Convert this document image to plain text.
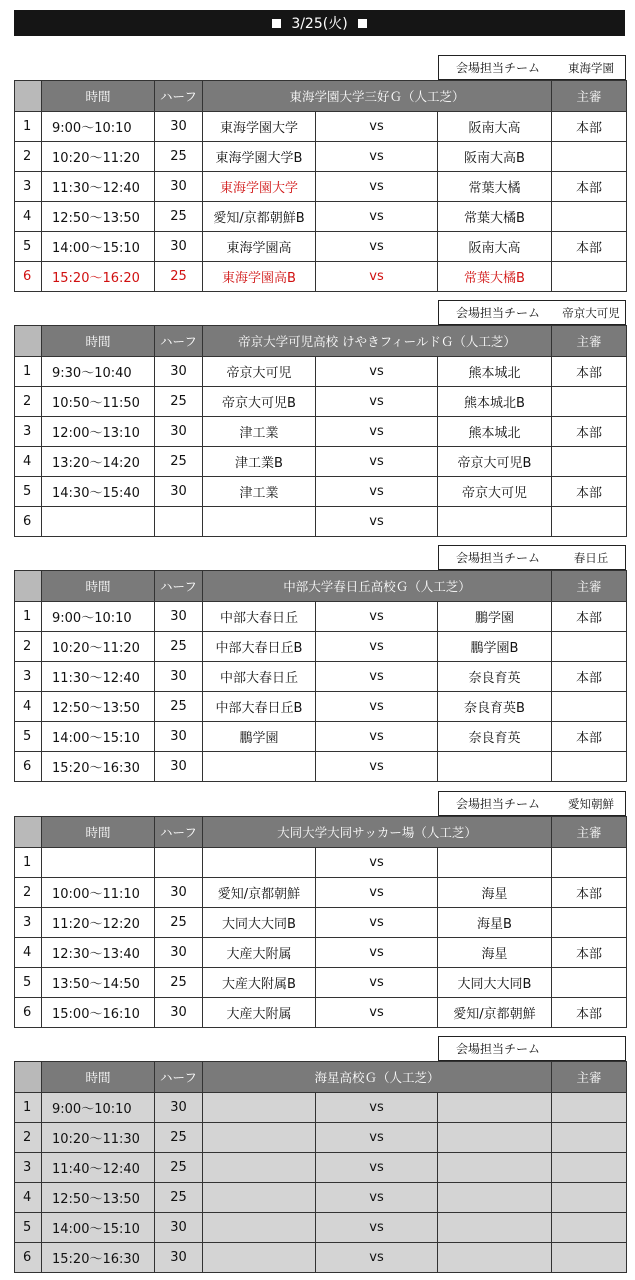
3/25(火)
会場担当チーム	東海学園
	時間	ハーフ	東海学園大学三好Ｇ（人工芝）			主審
1	9:00〜10:10	30	東海学園大学	vs	阪南大高	本部
2	10:20〜11:20	25	東海学園大学B	vs	阪南大高B	
3	11:30〜12:40	30	東海学園大学	vs	常葉大橘	本部
4	12:50〜13:50	25	愛知/京都朝鮮B	vs	常葉大橘B	
5	14:00〜15:10	30	東海学園高	vs	阪南大高	本部
6	15:20〜16:20	25	東海学園高B	vs	常葉大橘B	
会場担当チーム	帝京大可児
	時間	ハーフ	帝京大学可児高校 けやきフィールドＧ（人工芝）			主審
1	9:30〜10:40	30	帝京大可児	vs	熊本城北	本部
2	10:50〜11:50	25	帝京大可児B	vs	熊本城北B	
3	12:00〜13:10	30	津工業	vs	熊本城北	本部
4	13:20〜14:20	25	津工業B	vs	帝京大可児B	
5	14:30〜15:40	30	津工業	vs	帝京大可児	本部
6				vs		
会場担当チーム	春日丘
	時間	ハーフ	中部大学春日丘高校Ｇ（人工芝）			主審
1	9:00〜10:10	30	中部大春日丘	vs	鵬学園	本部
2	10:20〜11:20	25	中部大春日丘B	vs	鵬学園B	
3	11:30〜12:40	30	中部大春日丘	vs	奈良育英	本部
4	12:50〜13:50	25	中部大春日丘B	vs	奈良育英B	
5	14:00〜15:10	30	鵬学園	vs	奈良育英	本部
6	15:20〜16:30	30		vs		
会場担当チーム	愛知朝鮮
	時間	ハーフ	大同大学大同サッカー場（人工芝）			主審
1				vs		
2	10:00〜11:10	30	愛知/京都朝鮮	vs	海星	本部
3	11:20〜12:20	25	大同大大同B	vs	海星B	
4	12:30〜13:40	30	大産大附属	vs	海星	本部
5	13:50〜14:50	25	大産大附属B	vs	大同大大同B	
6	15:00〜16:10	30	大産大附属	vs	愛知/京都朝鮮	本部
会場担当チーム
	時間	ハーフ	海星高校Ｇ（人工芝）			主審
1	9:00〜10:10	30		vs		
2	10:20〜11:30	25		vs		
3	11:40〜12:40	25		vs		
4	12:50〜13:50	25		vs		
5	14:00〜15:10	30		vs		
6	15:20〜16:30	30		vs		
